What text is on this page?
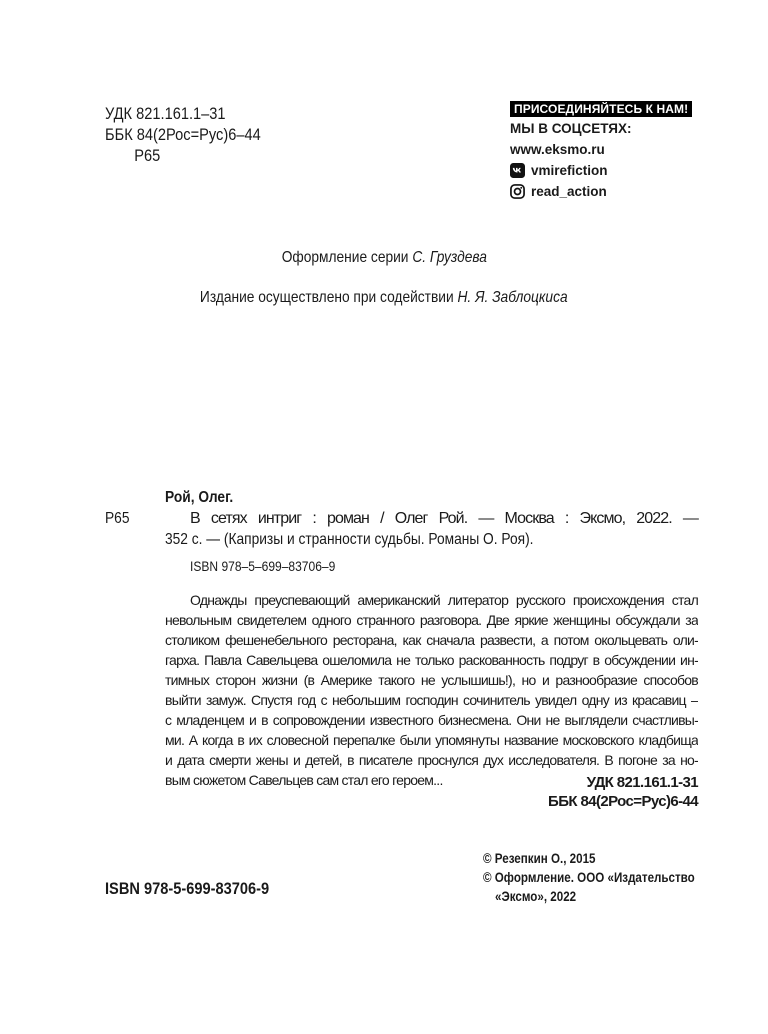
УДК 821.161.1–31
ББК 84(2Рос=Рус)6–44
Р65
ПРИСОЕДИНЯЙТЕСЬ К НАМ!
МЫ В СОЦСЕТЯХ:
www.eksmo.ru
vmirefiction
read_action
Оформление серии С. Груздева
Издание осуществлено при содействии Н. Я. Заблоцкиса
Рой, Олег.
Р65	В сетях интриг : роман / Олег Рой. — Москва : Эксмо, 2022. —
352 с. — (Капризы и странности судьбы. Романы О. Роя).
ISBN 978–5–699–83706–9
Однажды преуспевающий американский литератор русского происхождения стал
невольным свидетелем одного странного разговора. Две яркие женщины обсуждали за
столиком фешенебельного ресторана, как сначала развести, а потом окольцевать оли-
гарха. Павла Савельцева ошеломила не только раскованность подруг в обсуждении ин-
тимных сторон жизни (в Америке такого не услышишь!), но и разнообразие способов
выйти замуж. Спустя год с небольшим господин сочинитель увидел одну из красавиц –
с младенцем и в сопровождении известного бизнесмена. Они не выглядели счастливы-
ми. А когда в их словесной перепалке были упомянуты название московского кладбища
и дата смерти жены и детей, в писателе проснулся дух исследователя. В погоне за но-
вым сюжетом Савельцев сам стал его героем...	УДК 821.161.1-31
ББК 84(2Рос=Рус)6-44
© Резепкин О., 2015
© Оформление. ООО «Издательство
«Эксмо», 2022
ISBN 978-5-699-83706-9
